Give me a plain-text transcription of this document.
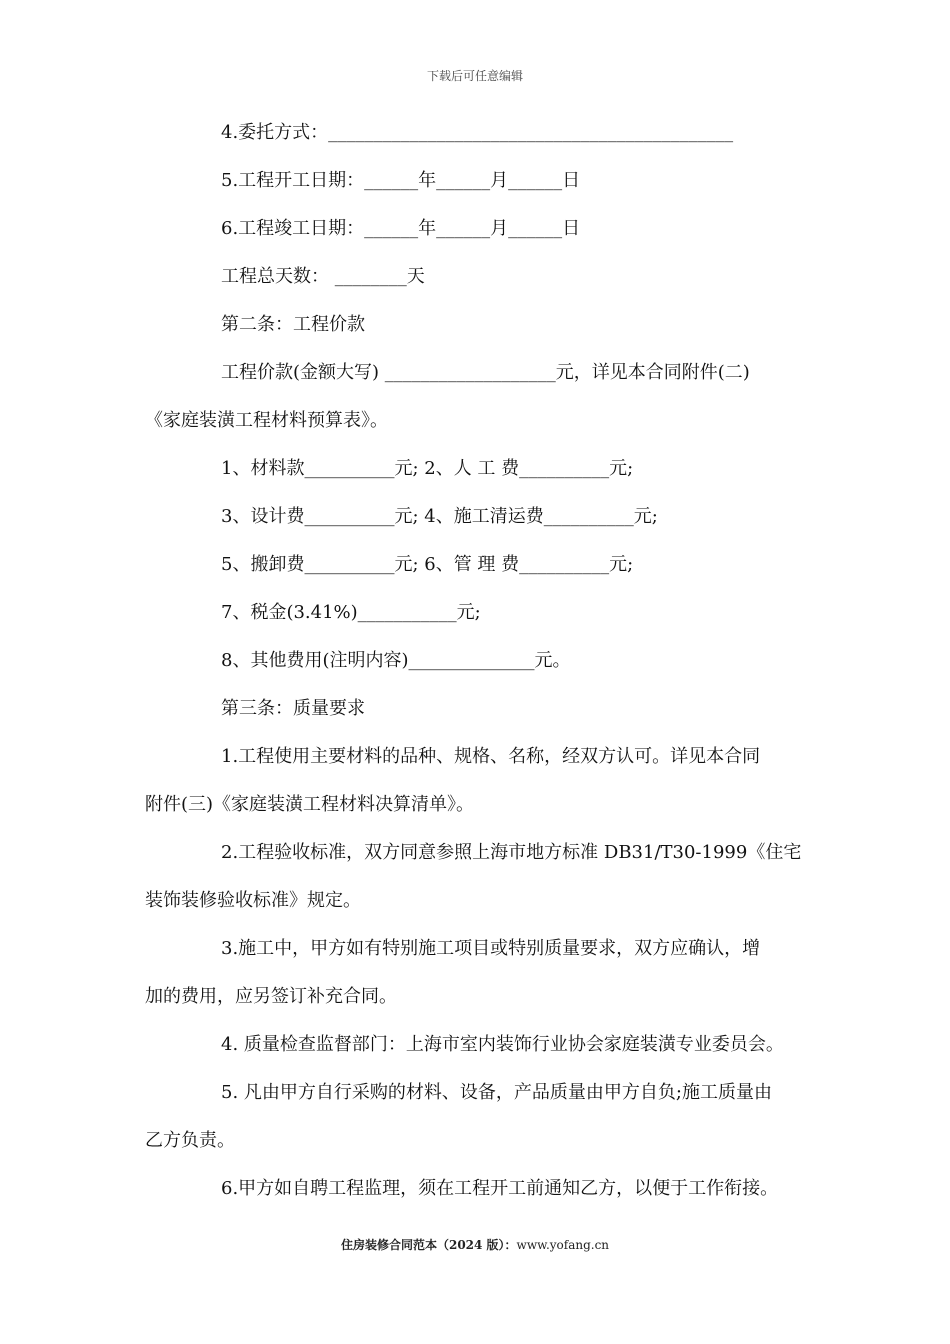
下载后可任意编辑
4.委托方式：_____________________________________________
5.工程开工日期：______年______月______日
6.工程竣工日期：______年______月______日
工程总天数： ________天
第二条：工程价款
工程价款(金额大写) ___________________元，详见本合同附件(二)
《家庭装潢工程材料预算表》。
1、材料款__________元; 2、人 工 费__________元;
3、设计费__________元; 4、施工清运费__________元;
5、搬卸费__________元; 6、管 理 费__________元;
7、税金(3.41%)___________元;
8、其他费用(注明内容)______________元。
第三条：质量要求
1.工程使用主要材料的品种、规格、名称，经双方认可。详见本合同
附件(三)《家庭装潢工程材料决算清单》。
2.工程验收标准，双方同意参照上海市地方标准 DB31/T30-1999《住宅
装饰装修验收标准》规定。
3.施工中，甲方如有特别施工项目或特别质量要求，双方应确认，增
加的费用，应另签订补充合同。
4. 质量检查监督部门：上海市室内装饰行业协会家庭装潢专业委员会。
5. 凡由甲方自行采购的材料、设备，产品质量由甲方自负;施工质量由
乙方负责。
6.甲方如自聘工程监理，须在工程开工前通知乙方，以便于工作衔接。
住房装修合同范本（2024 版）：www.yofang.cn
